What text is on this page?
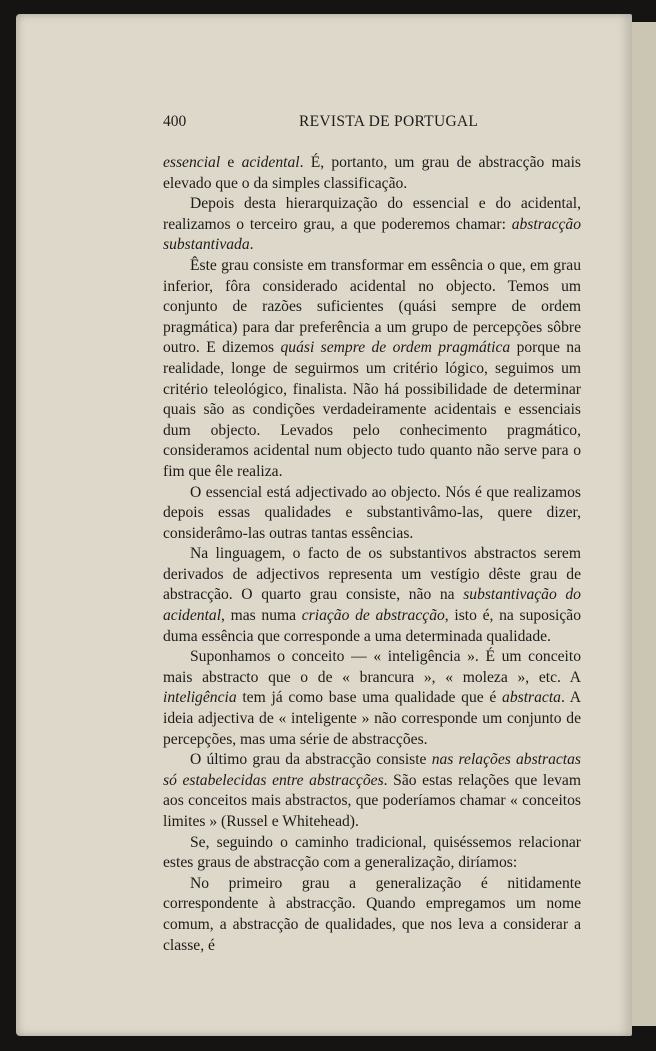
400	REVISTA DE PORTUGAL

essencial e acidental. É, portanto, um grau de abstracção mais elevado que o da simples classificação.

Depois desta hierarquização do essencial e do acidental, realizamos o terceiro grau, a que poderemos chamar: abstracção substantivada.

Êste grau consiste em transformar em essência o que, em grau inferior, fôra considerado acidental no objecto. Temos um conjunto de razões suficientes (quási sempre de ordem pragmática) para dar preferência a um grupo de percepções sôbre outro. E dizemos quási sempre de ordem pragmática porque na realidade, longe de seguirmos um critério lógico, seguimos um critério teleológico, finalista. Não há possibilidade de determinar quais são as condições verdadeiramente acidentais e essenciais dum objecto. Levados pelo conhecimento pragmático, consideramos acidental num objecto tudo quanto não serve para o fim que êle realiza.

O essencial está adjectivado ao objecto. Nós é que realizamos depois essas qualidades e substantivâmo-las, quere dizer, considerâmo-las outras tantas essências.

Na linguagem, o facto de os substantivos abstractos serem derivados de adjectivos representa um vestígio dêste grau de abstracção. O quarto grau consiste, não na substantivação do acidental, mas numa criação de abstracção, isto é, na suposição duma essência que corresponde a uma determinada qualidade.

Suponhamos o conceito — « inteligência ». É um conceito mais abstracto que o de « brancura », « moleza », etc. A inteligência tem já como base uma qualidade que é abstracta. A ideia adjectiva de « inteligente » não corresponde um conjunto de percepções, mas uma série de abstracções.

O último grau da abstracção consiste nas relações abstractas só estabelecidas entre abstracções. São estas relações que levam aos conceitos mais abstractos, que poderíamos chamar « conceitos limites » (Russel e Whitehead).

Se, seguindo o caminho tradicional, quiséssemos relacionar estes graus de abstracção com a generalização, diríamos:

No primeiro grau a generalização é nitidamente correspondente à abstracção. Quando empregamos um nome comum, a abstracção de qualidades, que nos leva a considerar a classe, é
